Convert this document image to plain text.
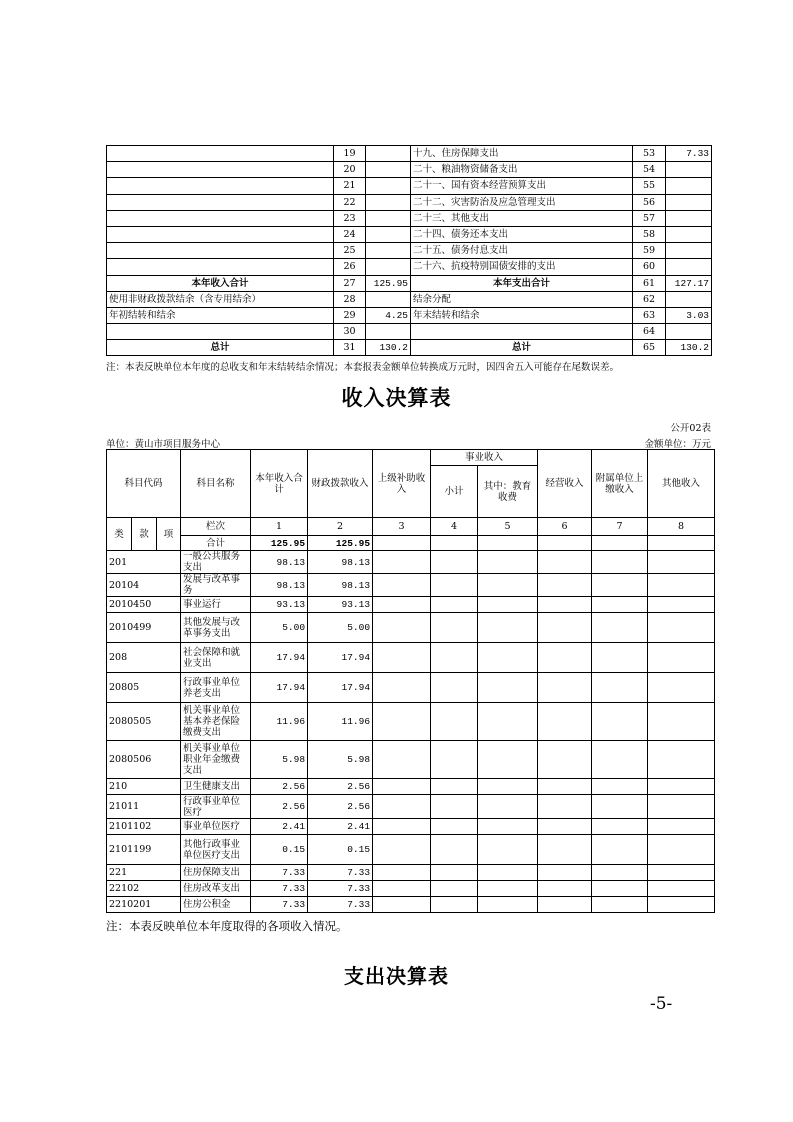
	19		十九、住房保障支出	53	7.33
	20		二十、粮油物资储备支出	54	
	21		二十一、国有资本经营预算支出	55	
	22		二十二、灾害防治及应急管理支出	56	
	23		二十三、其他支出	57	
	24		二十四、债务还本支出	58	
	25		二十五、债务付息支出	59	
	26		二十六、抗疫特别国债安排的支出	60	
本年收入合计	27	125.95	本年支出合计	61	127.17
使用非财政拨款结余（含专用结余）	28		结余分配	62	
年初结转和结余	29	4.25	年末结转和结余	63	3.03
	30			64	
总计	31	130.2	总计	65	130.2
注：本表反映单位本年度的总收支和年末结转结余情况；本套报表金额单位转换成万元时，因四舍五入可能存在尾数误差。
收入决算表
公开02表
单位：黄山市项目服务中心	金额单位：万元
科目代码			科目名称	本年收入合计	财政拨款收入	上级补助收入	事业收入		经营收入	附属单位上缴收入	其他收入
							小计	其中：教育收费			

类	款	项	栏次	1	2	3	4	5	6	7	8
			合计	125.95	125.95						
201			一般公共服务支出	98.13	98.13						
20104			发展与改革事务	98.13	98.13						
2010450			事业运行	93.13	93.13						
2010499			其他发展与改革事务支出	5.00	5.00						
208			社会保障和就业支出	17.94	17.94						
20805			行政事业单位养老支出	17.94	17.94						
2080505			机关事业单位基本养老保险缴费支出	11.96	11.96						
2080506			机关事业单位职业年金缴费支出	5.98	5.98						
210			卫生健康支出	2.56	2.56						
21011			行政事业单位医疗	2.56	2.56						
2101102			事业单位医疗	2.41	2.41						
2101199			其他行政事业单位医疗支出	0.15	0.15						
221			住房保障支出	7.33	7.33						
22102			住房改革支出	7.33	7.33						
2210201			住房公积金	7.33	7.33						
注：本表反映单位本年度取得的各项收入情况。
支出决算表
-5-
